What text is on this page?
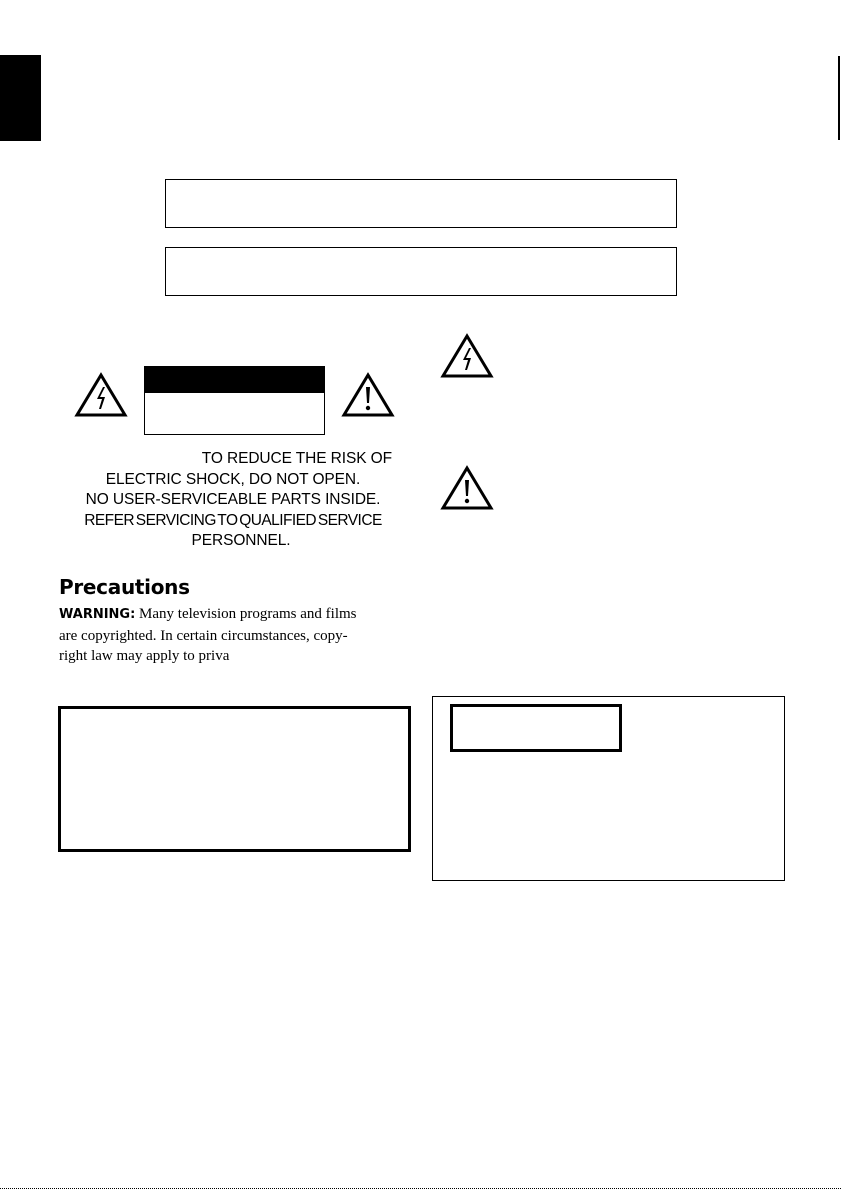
TO REDUCE THE RISK OF
ELECTRIC SHOCK, DO NOT OPEN.
NO USER-SERVICEABLE PARTS INSIDE.
REFER SERVICING TO QUALIFIED SERVICE
PERSONNEL.
Precautions
WARNING: Many television programs and films
are copyrighted. In certain circumstances, copy-
right law may apply to priva
